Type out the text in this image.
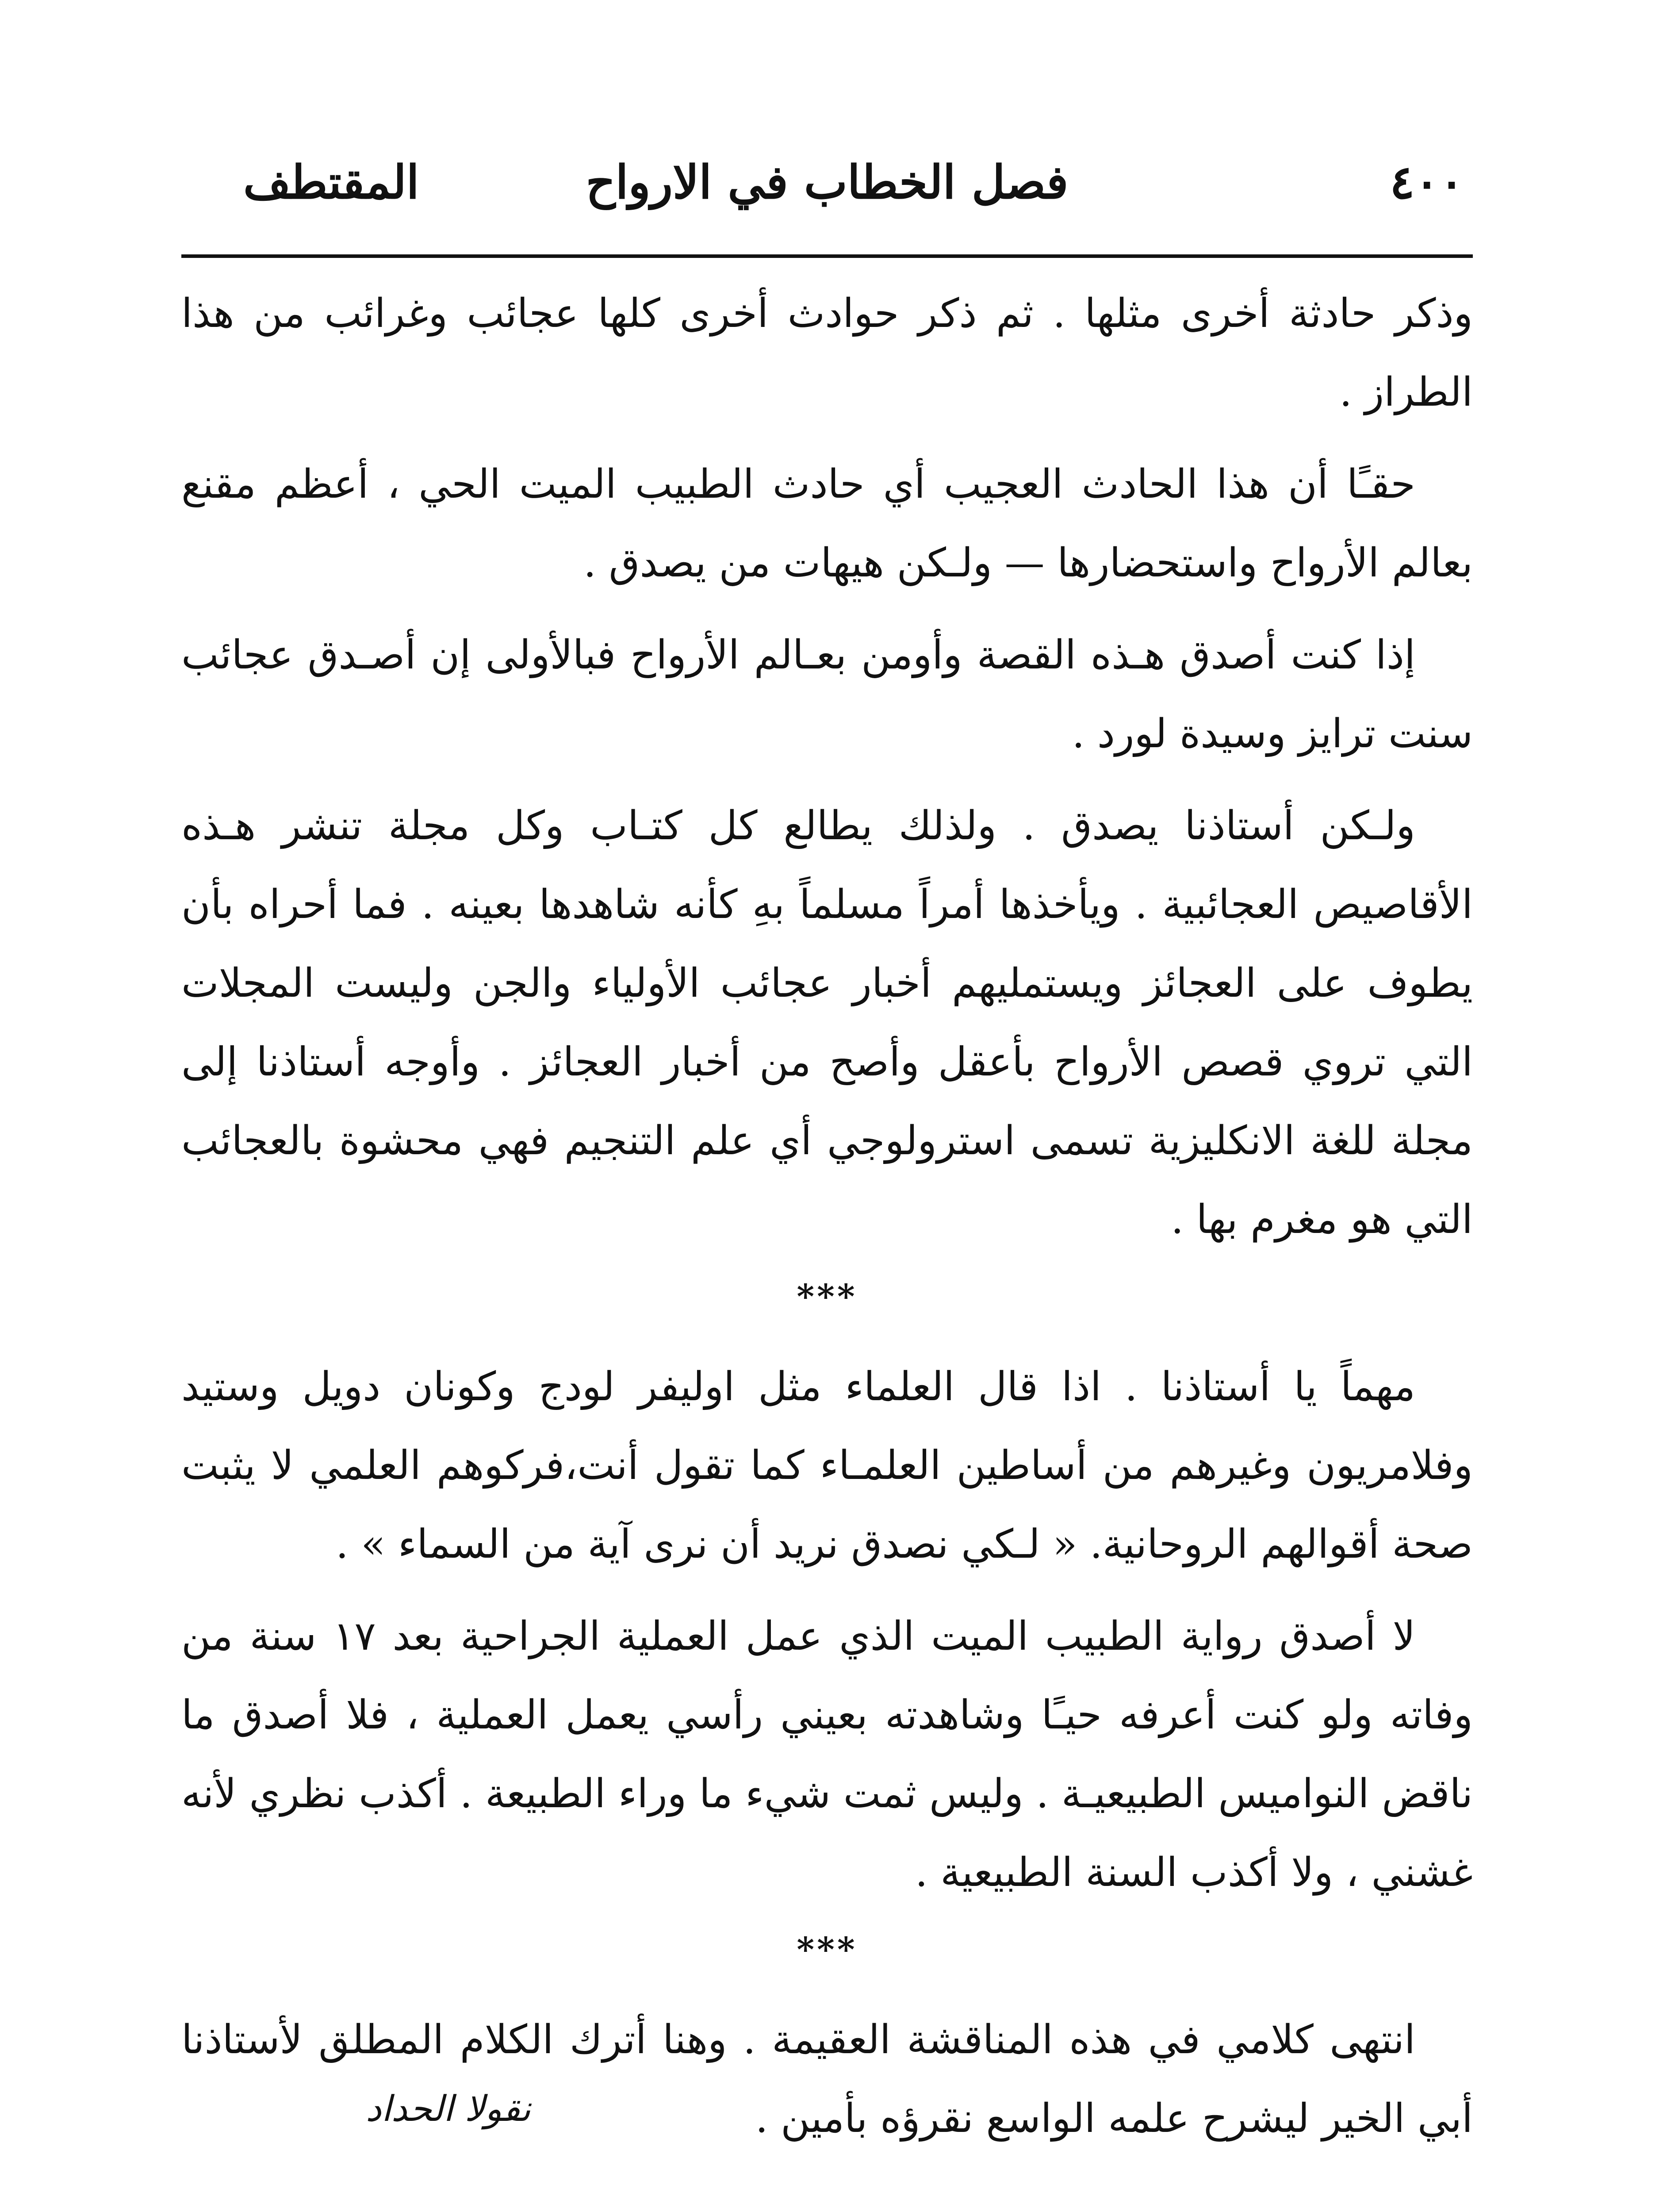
٤٠٠
فصل الخطاب في الارواح
المقتطف

وذكر حادثة أخرى مثلها . ثم ذكر حوادث أخرى كلها عجائب وغرائب من هذا الطراز .

حقـًا أن هذا الحادث العجيب أي حادث الطبيب الميت الحي ، أعظم مقنع بعالم الأرواح واستحضارها — ولـكن هيهات من يصدق .

إذا كنت أصدق هـذه القصة وأومن بعـالم الأرواح فبالأولى إن أصـدق عجائب سنت ترايز وسيدة لورد .

ولـكن أستاذنا يصدق . ولذلك يطالع كل كتـاب وكل مجلة تنشر هـذه الأقاصيص العجائبية . ويأخذها أمراً مسلماً بهِ كأنه شاهدها بعينه . فما أحراه بأن يطوف على العجائز ويستمليهم أخبار عجائب الأولياء والجن وليست المجلات التي تروي قصص الأرواح بأعقل وأصح من أخبار العجائز . وأوجه أستاذنا إلى مجلة للغة الانكليزية تسمى استرولوجي أي علم التنجيم فهي محشوة بالعجائب التي هو مغرم بها .

***

مهماً يا أستاذنا . اذا قال العلماء مثل اوليفر لودج وكونان دويل وستيد وفلامريون وغيرهم من أساطين العلمـاء كما تقول أنت،فركوهم العلمي لا يثبت صحة أقوالهم الروحانية. « لـكي نصدق نريد أن نرى آية من السماء » .

لا أصدق رواية الطبيب الميت الذي عمل العملية الجراحية بعد ١٧ سنة من وفاته ولو كنت أعرفه حيـًا وشاهدته بعيني رأسي يعمل العملية ، فلا أصدق ما ناقض النواميس الطبيعيـة . وليس ثمت شيء ما وراء الطبيعة . أكذب نظري لأنه غشني ، ولا أكذب السنة الطبيعية .

***

انتهى كلامي في هذه المناقشة العقيمة . وهنا أترك الكلام المطلق لأستاذنا أبي الخير ليشرح علمه الواسع نقرؤه بأمين .

نقولا الحداد
